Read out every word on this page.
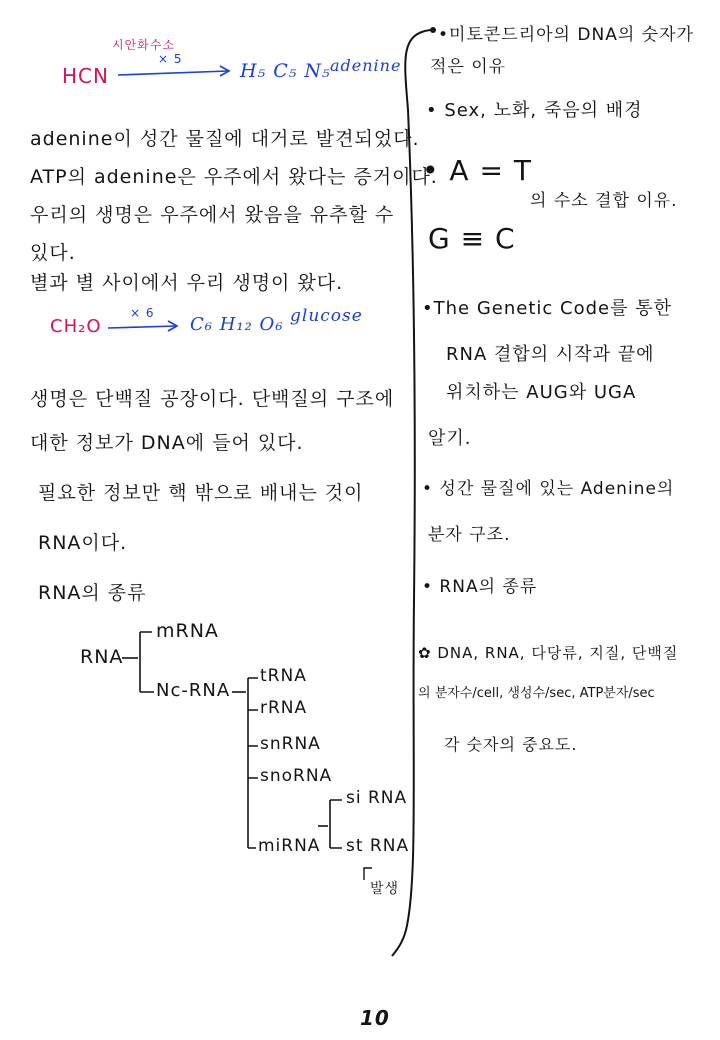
시안화수소
× 5
HCN	H₅ C₅ N₅ adenine
adenine이 성간 물질에 대거로 발견되었다.
ATP의 adenine은 우주에서 왔다는 증거이다.
우리의 생명은 우주에서 왔음을 유추할 수
있다.
별과 별 사이에서 우리 생명이 왔다.
CH₂O
× 6
C₆ H₁₂ O₆ glucose
생명은 단백질 공장이다. 단백질의 구조에
대한 정보가 DNA에 들어 있다.
필요한 정보만 핵 밖으로 배내는 것이
RNA이다.
RNA의 종류
RNA
mRNA
Nc-RNA
tRNA
rRNA
snRNA
snoRNA
miRNA
si RNA
st RNA
발생
•미토콘드리아의 DNA의 숫자가
적은 이유
• Sex, 노화, 죽음의 배경
• A = T
의 수소 결합 이유.
G ≡ C
•The Genetic Code를 통한
RNA 결합의 시작과 끝에
위치하는 AUG와 UGA
알기.
• 성간 물질에 있는 Adenine의
분자 구조.
• RNA의 종류
✿ DNA, RNA, 다당류, 지질, 단백질
의 분자수/cell, 생성수/sec, ATP분자/sec
각 숫자의 중요도.
10
